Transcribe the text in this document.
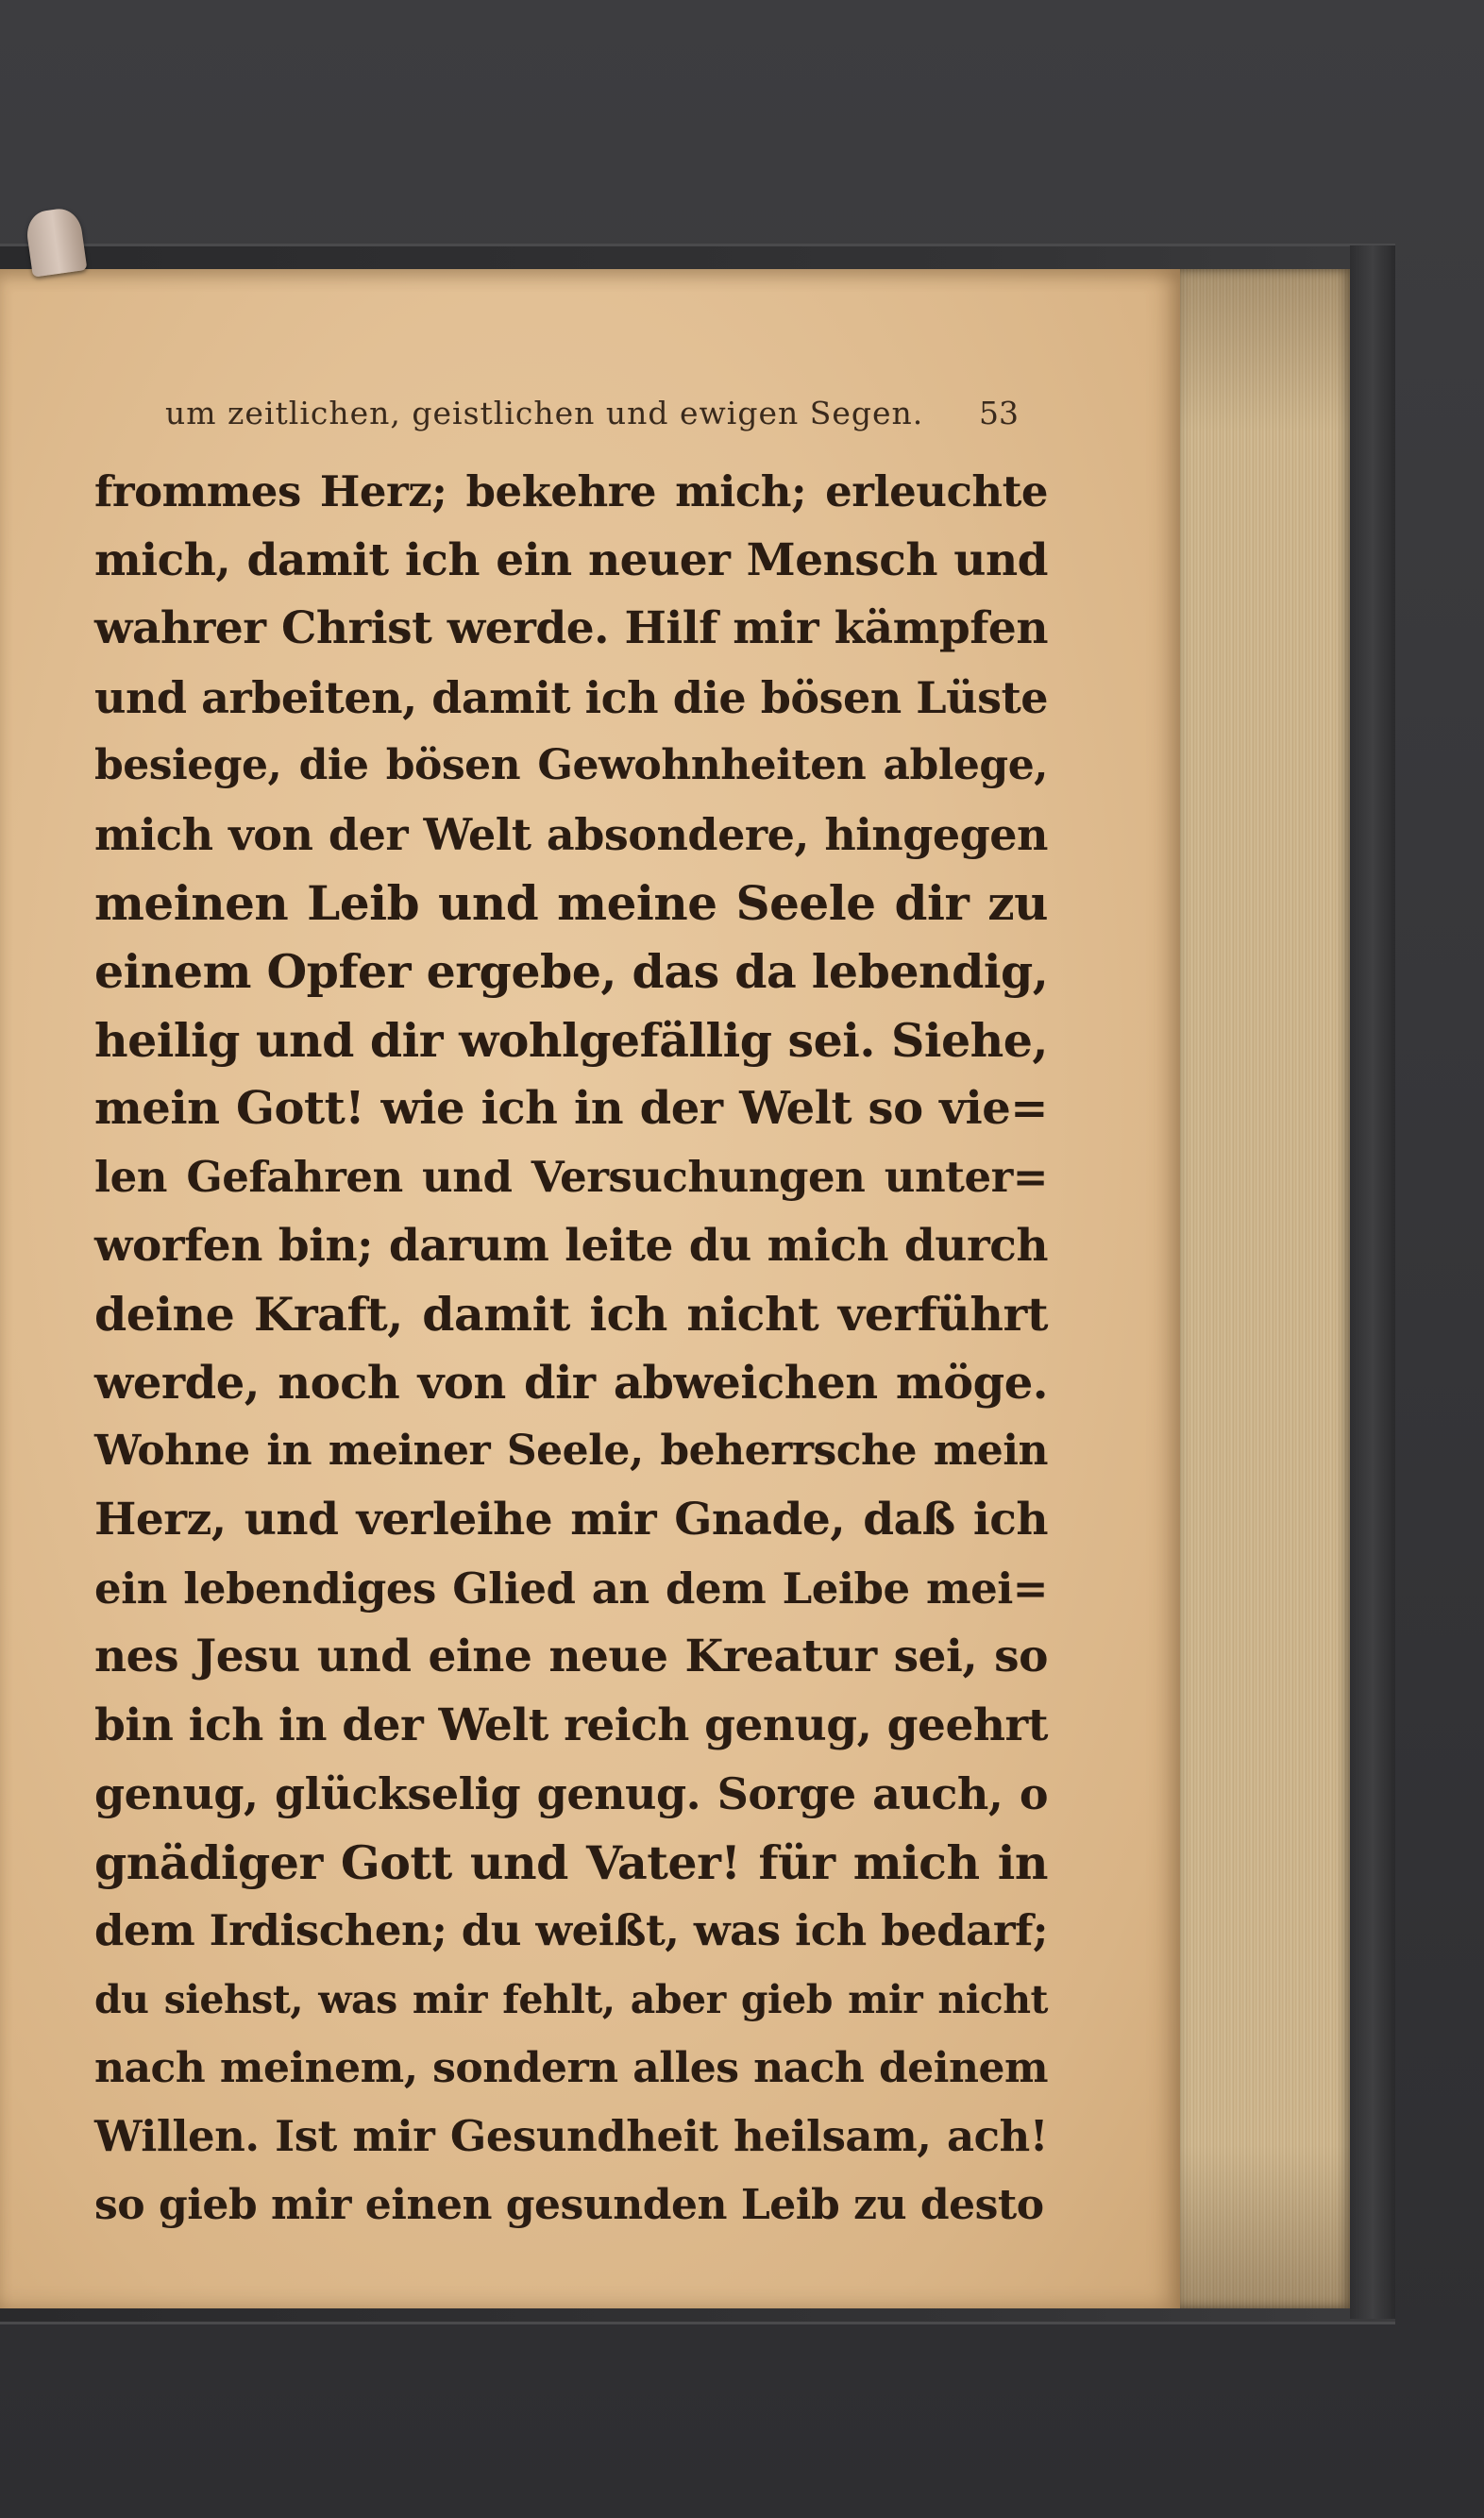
um zeitlichen, geistlichen und ewigen Segen. 53
frommes Herz; bekehre mich; erleuchte
mich, damit ich ein neuer Mensch und
wahrer Christ werde. Hilf mir kämpfen
und arbeiten, damit ich die bösen Lüste
besiege, die bösen Gewohnheiten ablege,
mich von der Welt absondere, hingegen
meinen Leib und meine Seele dir zu
einem Opfer ergebe, das da lebendig,
heilig und dir wohlgefällig sei. Siehe,
mein Gott! wie ich in der Welt so vie=
len Gefahren und Versuchungen unter=
worfen bin; darum leite du mich durch
deine Kraft, damit ich nicht verführt
werde, noch von dir abweichen möge.
Wohne in meiner Seele, beherrsche mein
Herz, und verleihe mir Gnade, daß ich
ein lebendiges Glied an dem Leibe mei=
nes Jesu und eine neue Kreatur sei, so
bin ich in der Welt reich genug, geehrt
genug, glückselig genug. Sorge auch, o
gnädiger Gott und Vater! für mich in
dem Irdischen; du weißt, was ich bedarf;
du siehst, was mir fehlt, aber gieb mir nicht
nach meinem, sondern alles nach deinem
Willen. Ist mir Gesundheit heilsam, ach!
so gieb mir einen gesunden Leib zu desto
